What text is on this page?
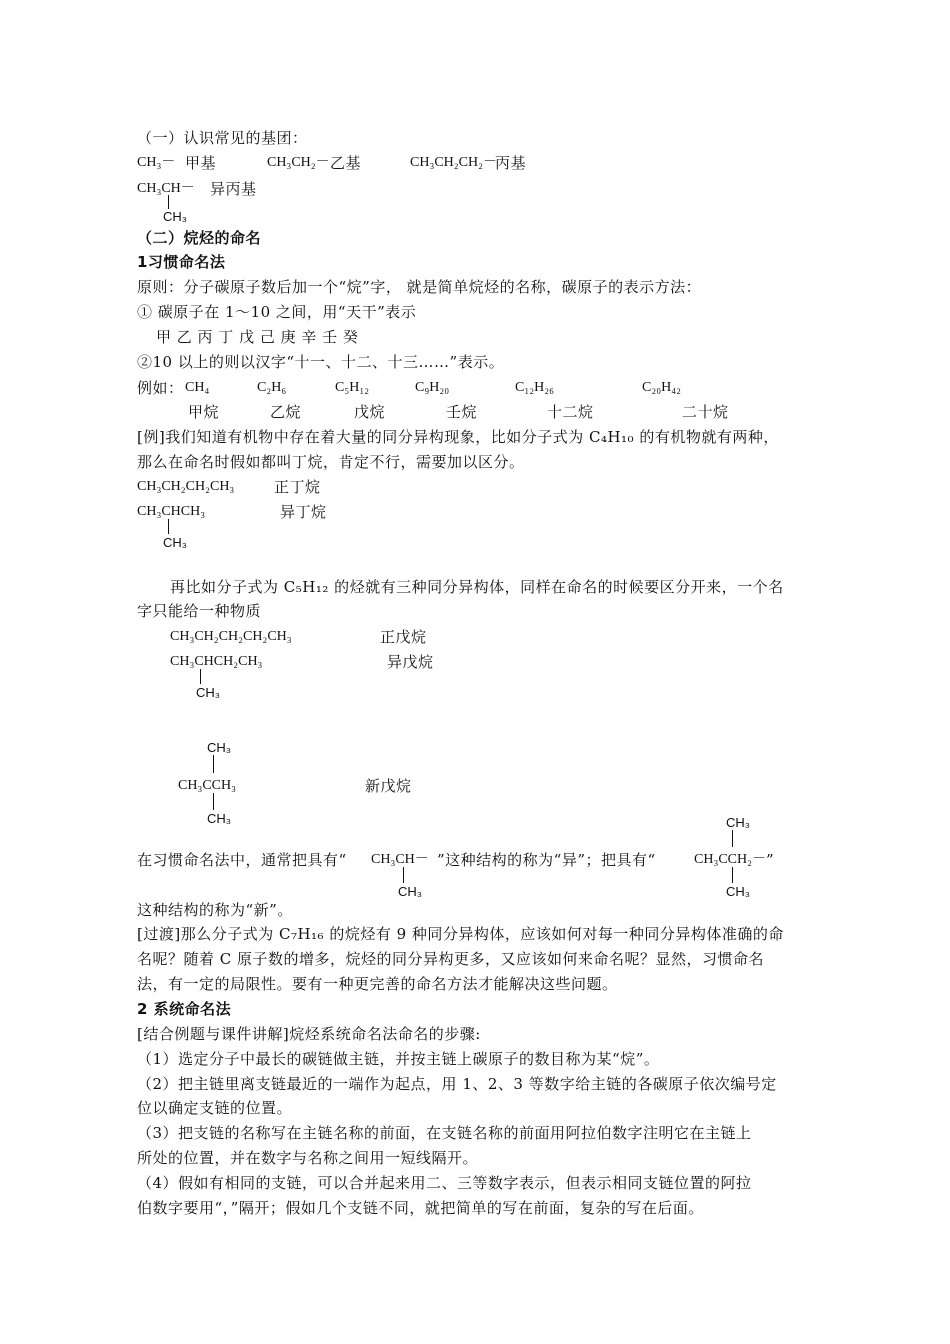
（一）认识常见的基团：
CH₃－ 甲基	CH₃CH₂－ 乙基	CH₃CH₂CH₂－
丙基
CH₃CH－
CH₃
异丙基
（二）烷烃的命名
1习惯命名法
原则：分子碳原子数后加一个“烷”字， 就是简单烷烃的名称，碳原子的表示方法：
① 碳原子在 1～10 之间，用“天干”表示
甲 乙 丙 丁 戊 己 庚 辛 壬 癸
②10 以上的则以汉字“十一、十二、十三……”表示。
例如： CH₄	C₂H₆	C₅H₁₂	C₉H₂₀	C₁₂H₂₆	C₂₀H₄₂
甲烷	乙烷	戊烷	壬烷	十二烷	二十烷
[例]我们知道有机物中存在着大量的同分异构现象，比如分子式为 C₄H₁₀ 的有机物就有两种，
那么在命名时假如都叫丁烷，肯定不行，需要加以区分。
CH₃CH₂CH₂CH₃	正丁烷
CH₃CHCH₃
CH₃
异丁烷
再比如分子式为 C₅H₁₂ 的烃就有三种同分异构体，同样在命名的时候要区分开来，一个名
字只能给一种物质
CH₃CH₂CH₂CH₂CH₃	正戊烷
CH₃CHCH₂CH₃
CH₃
异戊烷
CH₃
CH₃CCH₃
CH₃
新戊烷
CH₃
在习惯命名法中，通常把具有“ CH₃CH－
CH₃
”这种结构的称为“异”；把具有“	CH₃CCH₂－ ”
CH₃
这种结构的称为“新”。
[过渡]那么分子式为 C₇H₁₆ 的烷烃有 9 种同分异构体，应该如何对每一种同分异构体准确的命
名呢？随着 C 原子数的增多，烷烃的同分异构更多，又应该如何来命名呢？显然，习惯命名
法，有一定的局限性。要有一种更完善的命名方法才能解决这些问题。
2 系统命名法
[结合例题与课件讲解]烷烃系统命名法命名的步骤:
（1）选定分子中最长的碳链做主链，并按主链上碳原子的数目称为某“烷”。
（2）把主链里离支链最近的一端作为起点，用 1、2、3 等数字给主链的各碳原子依次编号定
位以确定支链的位置。
（3）把支链的名称写在主链名称的前面，在支链名称的前面用阿拉伯数字注明它在主链上
所处的位置，并在数字与名称之间用一短线隔开。
（4）假如有相同的支链，可以合并起来用二、三等数字表示，但表示相同支链位置的阿拉
伯数字要用“，”隔开；假如几个支链不同，就把简单的写在前面，复杂的写在后面。
